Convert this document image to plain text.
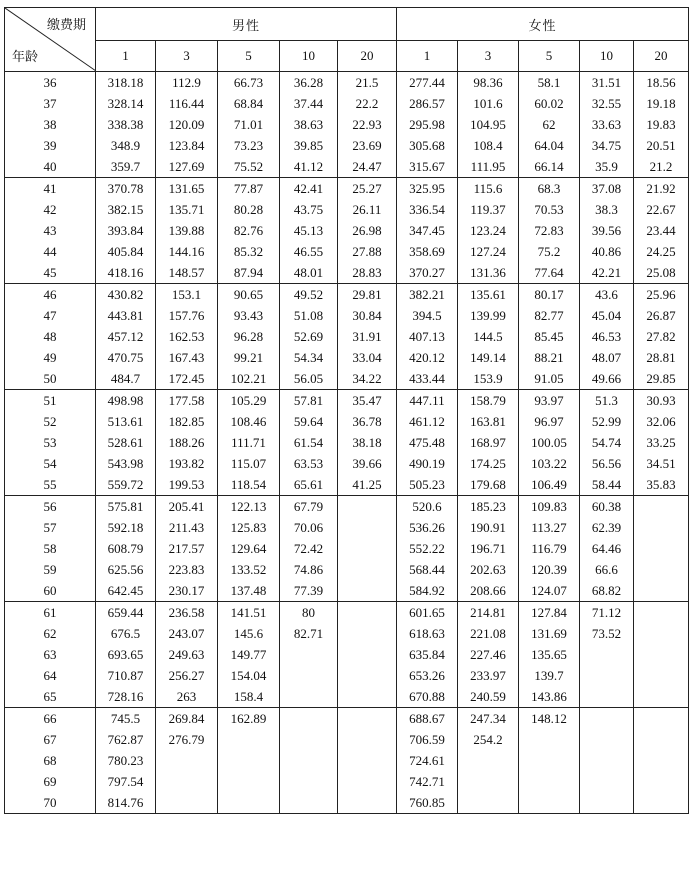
缴费期
年龄	男性					女性				
	1	3	5	10	20	1	3	5	10	20
36	318.18	112.9	66.73	36.28	21.5	277.44	98.36	58.1	31.51	18.56
37	328.14	116.44	68.84	37.44	22.2	286.57	101.6	60.02	32.55	19.18
38	338.38	120.09	71.01	38.63	22.93	295.98	104.95	62	33.63	19.83
39	348.9	123.84	73.23	39.85	23.69	305.68	108.4	64.04	34.75	20.51
40	359.7	127.69	75.52	41.12	24.47	315.67	111.95	66.14	35.9	21.2
41	370.78	131.65	77.87	42.41	25.27	325.95	115.6	68.3	37.08	21.92
42	382.15	135.71	80.28	43.75	26.11	336.54	119.37	70.53	38.3	22.67
43	393.84	139.88	82.76	45.13	26.98	347.45	123.24	72.83	39.56	23.44
44	405.84	144.16	85.32	46.55	27.88	358.69	127.24	75.2	40.86	24.25
45	418.16	148.57	87.94	48.01	28.83	370.27	131.36	77.64	42.21	25.08
46	430.82	153.1	90.65	49.52	29.81	382.21	135.61	80.17	43.6	25.96
47	443.81	157.76	93.43	51.08	30.84	394.5	139.99	82.77	45.04	26.87
48	457.12	162.53	96.28	52.69	31.91	407.13	144.5	85.45	46.53	27.82
49	470.75	167.43	99.21	54.34	33.04	420.12	149.14	88.21	48.07	28.81
50	484.7	172.45	102.21	56.05	34.22	433.44	153.9	91.05	49.66	29.85
51	498.98	177.58	105.29	57.81	35.47	447.11	158.79	93.97	51.3	30.93
52	513.61	182.85	108.46	59.64	36.78	461.12	163.81	96.97	52.99	32.06
53	528.61	188.26	111.71	61.54	38.18	475.48	168.97	100.05	54.74	33.25
54	543.98	193.82	115.07	63.53	39.66	490.19	174.25	103.22	56.56	34.51
55	559.72	199.53	118.54	65.61	41.25	505.23	179.68	106.49	58.44	35.83
56	575.81	205.41	122.13	67.79		520.6	185.23	109.83	60.38	
57	592.18	211.43	125.83	70.06		536.26	190.91	113.27	62.39	
58	608.79	217.57	129.64	72.42		552.22	196.71	116.79	64.46	
59	625.56	223.83	133.52	74.86		568.44	202.63	120.39	66.6	
60	642.45	230.17	137.48	77.39		584.92	208.66	124.07	68.82	
61	659.44	236.58	141.51	80		601.65	214.81	127.84	71.12	
62	676.5	243.07	145.6	82.71		618.63	221.08	131.69	73.52	
63	693.65	249.63	149.77			635.84	227.46	135.65		
64	710.87	256.27	154.04			653.26	233.97	139.7		
65	728.16	263	158.4			670.88	240.59	143.86		
66	745.5	269.84	162.89			688.67	247.34	148.12		
67	762.87	276.79				706.59	254.2			
68	780.23					724.61				
69	797.54					742.71				
70	814.76					760.85				
